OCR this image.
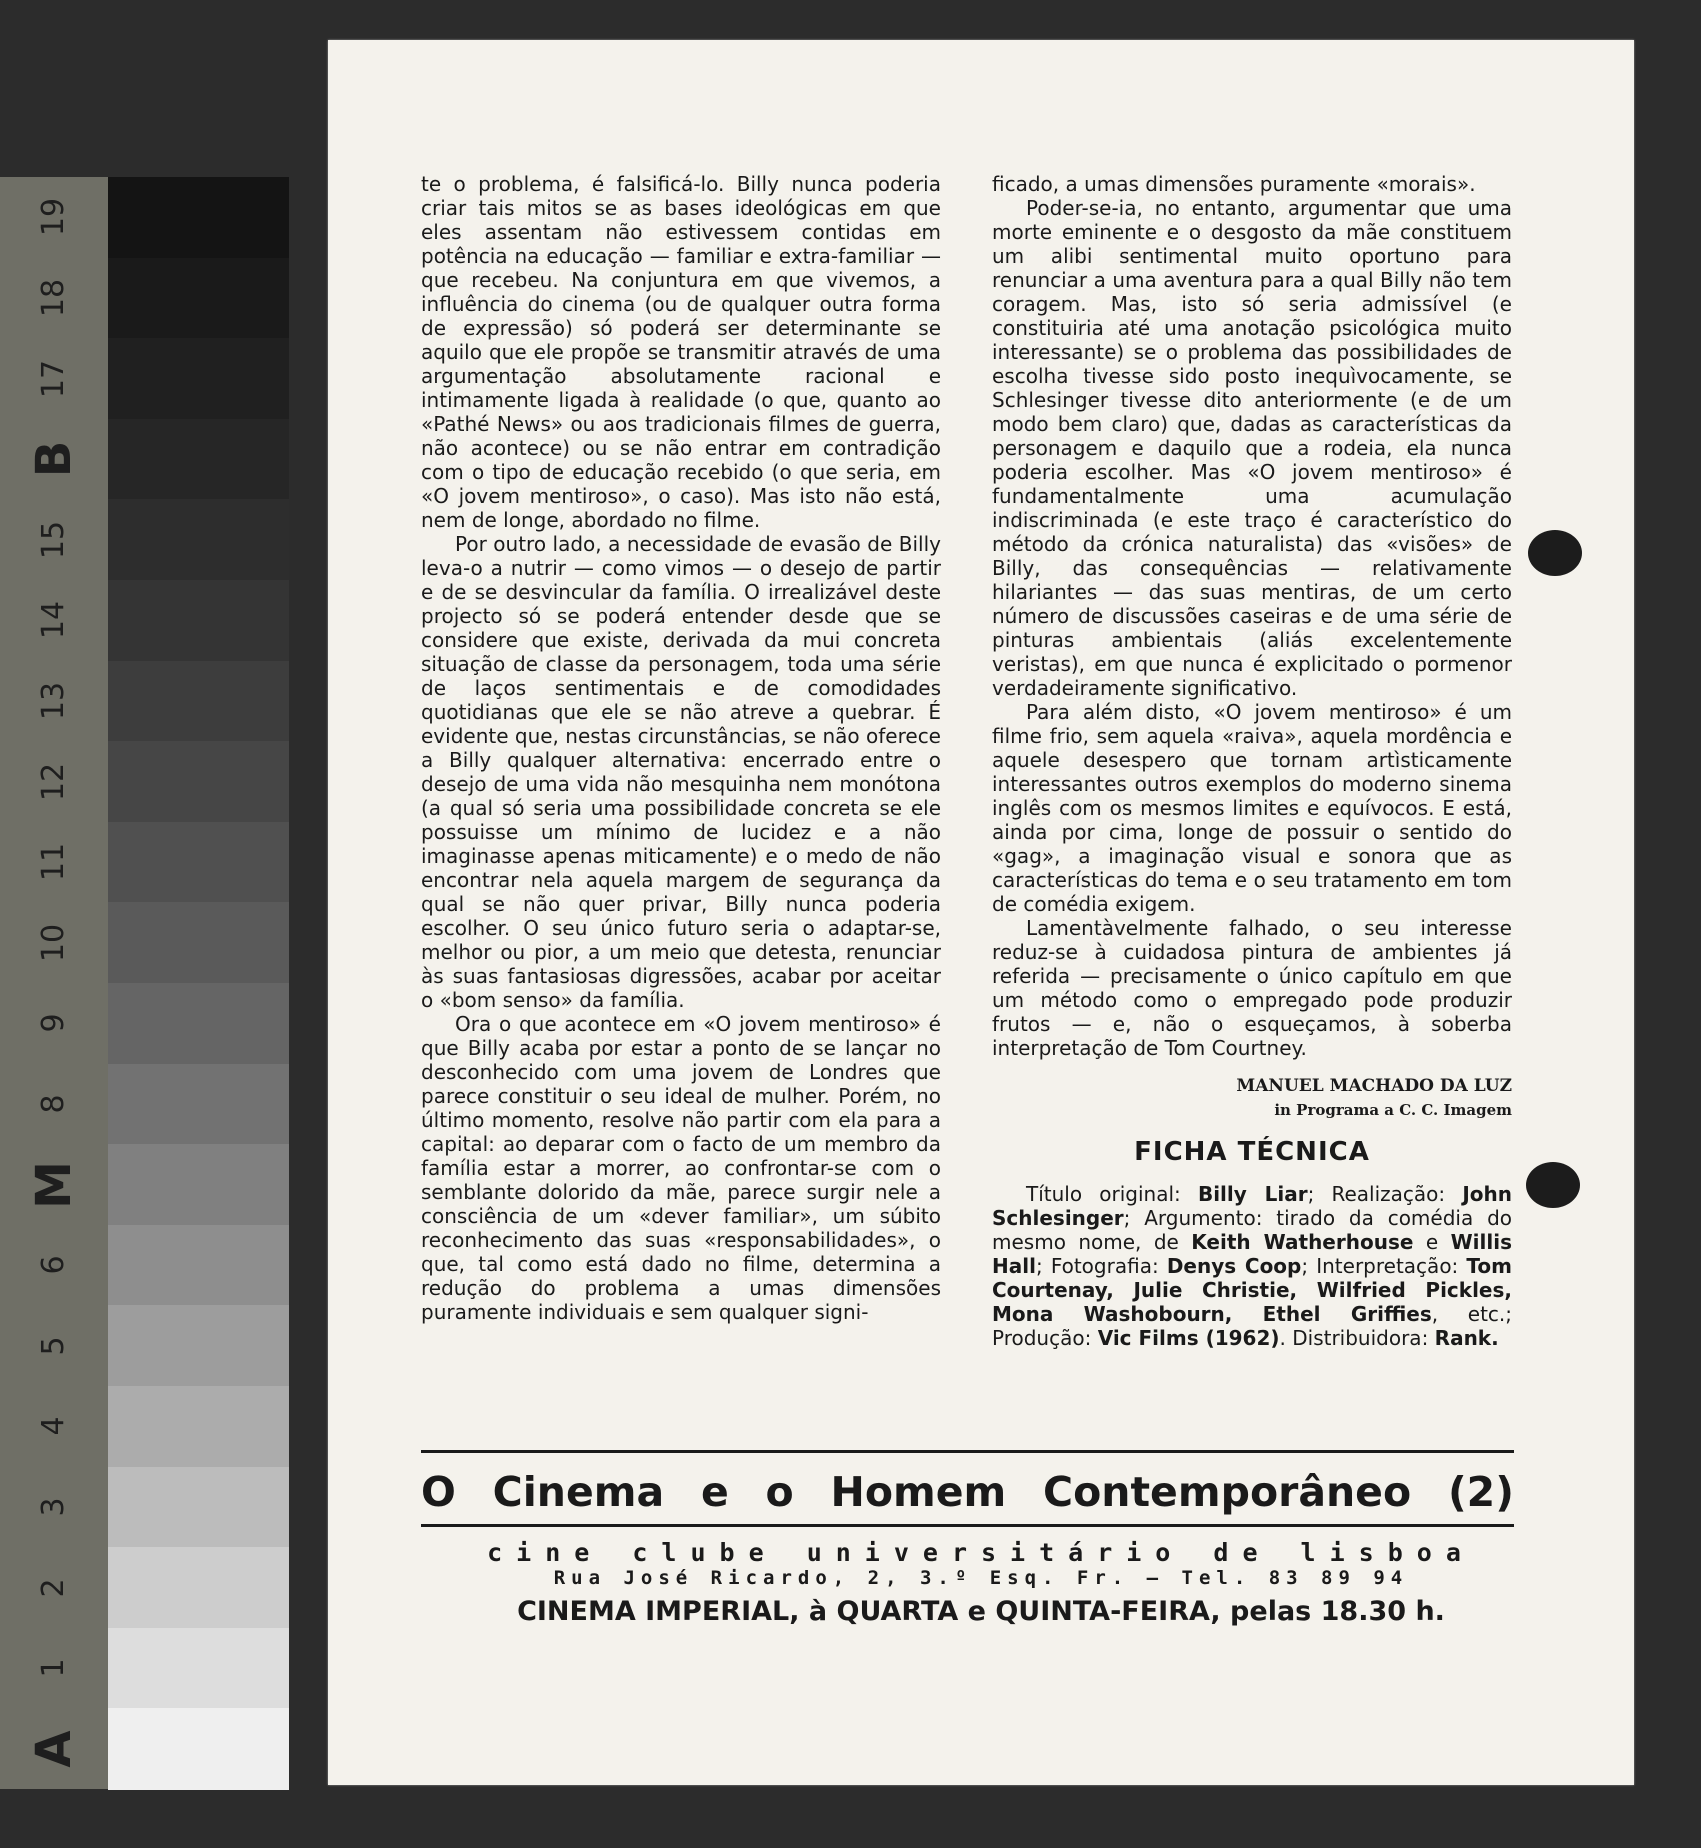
19
18
17
B
15
14
13
12
11
10
9
8
M
6
5
4
3
2
1
A

te o problema, é falsificá-lo. Billy nunca poderia criar tais mitos se as bases ideológicas em que eles assentam não estivessem contidas em potência na educação — familiar e extra-familiar — que recebeu. Na conjuntura em que vivemos, a influência do cinema (ou de qualquer outra forma de expressão) só poderá ser determinante se aquilo que ele propõe se transmitir através de uma argumentação absolutamente racional e intimamente ligada à realidade (o que, quanto ao «Pathé News» ou aos tradicionais filmes de guerra, não acontece) ou se não entrar em contradição com o tipo de educação recebido (o que seria, em «O jovem mentiroso», o caso). Mas isto não está, nem de longe, abordado no filme.

Por outro lado, a necessidade de evasão de Billy leva-o a nutrir — como vimos — o desejo de partir e de se desvincular da família. O irrealizável deste projecto só se poderá entender desde que se considere que existe, derivada da mui concreta situação de classe da personagem, toda uma série de laços sentimentais e de comodidades quotidianas que ele se não atreve a quebrar. É evidente que, nestas circunstâncias, se não oferece a Billy qualquer alternativa: encerrado entre o desejo de uma vida não mesquinha nem monótona (a qual só seria uma possibilidade concreta se ele possuisse um mínimo de lucidez e a não imaginasse apenas miticamente) e o medo de não encontrar nela aquela margem de segurança da qual se não quer privar, Billy nunca poderia escolher. O seu único futuro seria o adaptar-se, melhor ou pior, a um meio que detesta, renunciar às suas fantasiosas digressões, acabar por aceitar o «bom senso» da família.

Ora o que acontece em «O jovem mentiroso» é que Billy acaba por estar a ponto de se lançar no desconhecido com uma jovem de Londres que parece constituir o seu ideal de mulher. Porém, no último momento, resolve não partir com ela para a capital: ao deparar com o facto de um membro da família estar a morrer, ao confrontar-se com o semblante dolorido da mãe, parece surgir nele a consciência de um «dever familiar», um súbito reconhecimento das suas «responsabilidades», o que, tal como está dado no filme, determina a redução do problema a umas dimensões puramente individuais e sem qualquer signi-

ficado, a umas dimensões puramente «morais».

Poder-se-ia, no entanto, argumentar que uma morte eminente e o desgosto da mãe constituem um alibi sentimental muito oportuno para renunciar a uma aventura para a qual Billy não tem coragem. Mas, isto só seria admissível (e constituiria até uma anotação psicológica muito interessante) se o problema das possibilidades de escolha tivesse sido posto inequìvocamente, se Schlesinger tivesse dito anteriormente (e de um modo bem claro) que, dadas as características da personagem e daquilo que a rodeia, ela nunca poderia escolher. Mas «O jovem mentiroso» é fundamentalmente uma acumulação indiscriminada (e este traço é característico do método da crónica naturalista) das «visões» de Billy, das consequências — relativamente hilariantes — das suas mentiras, de um certo número de discussões caseiras e de uma série de pinturas ambientais (aliás excelentemente veristas), em que nunca é explicitado o pormenor verdadeiramente significativo.

Para além disto, «O jovem mentiroso» é um filme frio, sem aquela «raiva», aquela mordência e aquele desespero que tornam artìsticamente interessantes outros exemplos do moderno sinema inglês com os mesmos limites e equívocos. E está, ainda por cima, longe de possuir o sentido do «gag», a imaginação visual e sonora que as características do tema e o seu tratamento em tom de comédia exigem.

Lamentàvelmente falhado, o seu interesse reduz-se à cuidadosa pintura de ambientes já referida — precisamente o único capítulo em que um método como o empregado pode produzir frutos — e, não o esqueçamos, à soberba interpretação de Tom Courtney.

MANUEL MACHADO DA LUZ
in Programa a C. C. Imagem
FICHA TÉCNICA
Título original: Billy Liar; Realização: John Schlesinger; Argumento: tirado da comédia do mesmo nome, de Keith Watherhouse e Willis Hall; Fotografia: Denys Coop; Interpretação: Tom Courtenay, Julie Christie, Wilfried Pickles, Mona Washobourn, Ethel Griffies, etc.; Produção: Vic Films (1962). Distribuidora: Rank.
O Cinema e o Homem Contemporâneo (2)
cine clube universitário de lisboa
Rua José Ricardo, 2, 3.º Esq. Fr. — Tel. 83 89 94
CINEMA IMPERIAL, à QUARTA e QUINTA-FEIRA, pelas 18.30 h.
